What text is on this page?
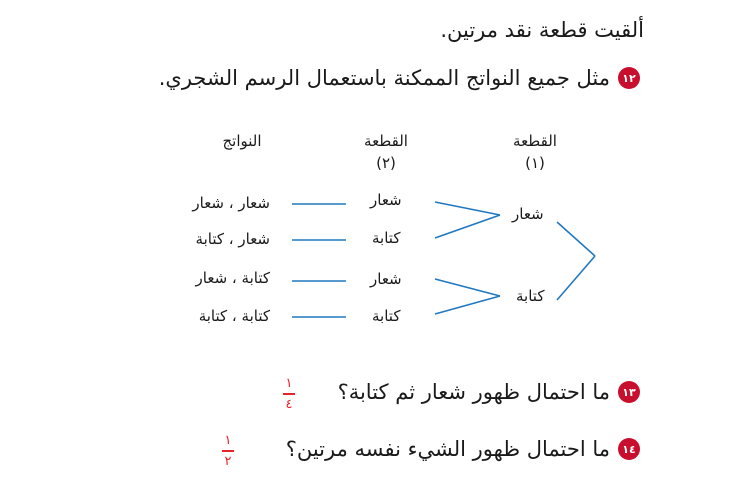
ألقيت قطعة نقد مرتين.
١٢
مثل جميع النواتج الممكنة باستعمال الرسم الشجري.
القطعة
(١)
القطعة
(٢)
النواتج
شعار
كتابة
شعار
كتابة
شعار
كتابة
شعار ، شعار
شعار ، كتابة
كتابة ، شعار
كتابة ، كتابة
١٣
ما احتمال ظهور شعار ثم كتابة؟
١
٤
١٤
ما احتمال ظهور الشيء نفسه مرتين؟
١
٢
